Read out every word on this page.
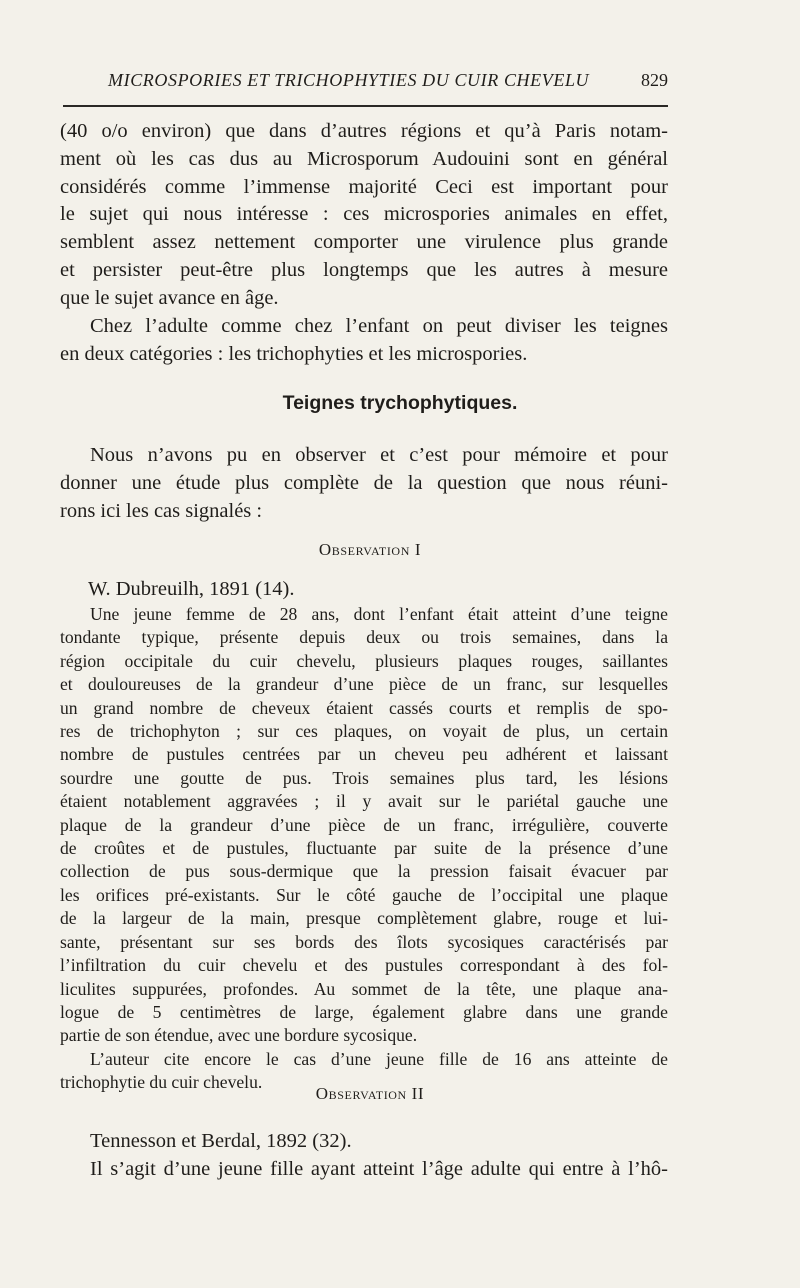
MICROSPORIES ET TRICHOPHYTIES DU CUIR CHEVELU	829
(40 o/o environ) que dans d’autres régions et qu’à Paris notam-
ment où les cas dus au Microsporum Audouini sont en général
considérés comme l’immense majorité Ceci est important pour
le sujet qui nous intéresse : ces microspories animales en effet,
semblent assez nettement comporter une virulence plus grande
et persister peut-être plus longtemps que les autres à mesure
que le sujet avance en âge.
Chez l’adulte comme chez l’enfant on peut diviser les teignes
en deux catégories : les trichophyties et les microspories.
Teignes trychophytiques.
Nous n’avons pu en observer et c’est pour mémoire et pour
donner une étude plus complète de la question que nous réuni-
rons ici les cas signalés :
Observation I
W. Dubreuilh, 1891 (14).
Une jeune femme de 28 ans, dont l’enfant était atteint d’une teigne
tondante typique, présente depuis deux ou trois semaines, dans la
région occipitale du cuir chevelu, plusieurs plaques rouges, saillantes
et douloureuses de la grandeur d’une pièce de un franc, sur lesquelles
un grand nombre de cheveux étaient cassés courts et remplis de spo-
res de trichophyton ; sur ces plaques, on voyait de plus, un certain
nombre de pustules centrées par un cheveu peu adhérent et laissant
sourdre une goutte de pus. Trois semaines plus tard, les lésions
étaient notablement aggravées ; il y avait sur le pariétal gauche une
plaque de la grandeur d’une pièce de un franc, irrégulière, couverte
de croûtes et de pustules, fluctuante par suite de la présence d’une
collection de pus sous-dermique que la pression faisait évacuer par
les orifices pré-existants. Sur le côté gauche de l’occipital une plaque
de la largeur de la main, presque complètement glabre, rouge et lui-
sante, présentant sur ses bords des îlots sycosiques caractérisés par
l’infiltration du cuir chevelu et des pustules correspondant à des fol-
liculites suppurées, profondes. Au sommet de la tête, une plaque ana-
logue de 5 centimètres de large, également glabre dans une grande
partie de son étendue, avec une bordure sycosique.
L’auteur cite encore le cas d’une jeune fille de 16 ans atteinte de
trichophytie du cuir chevelu.
Observation II
Tennesson et Berdal, 1892 (32).
Il s’agit d’une jeune fille ayant atteint l’âge adulte qui entre à l’hô-
